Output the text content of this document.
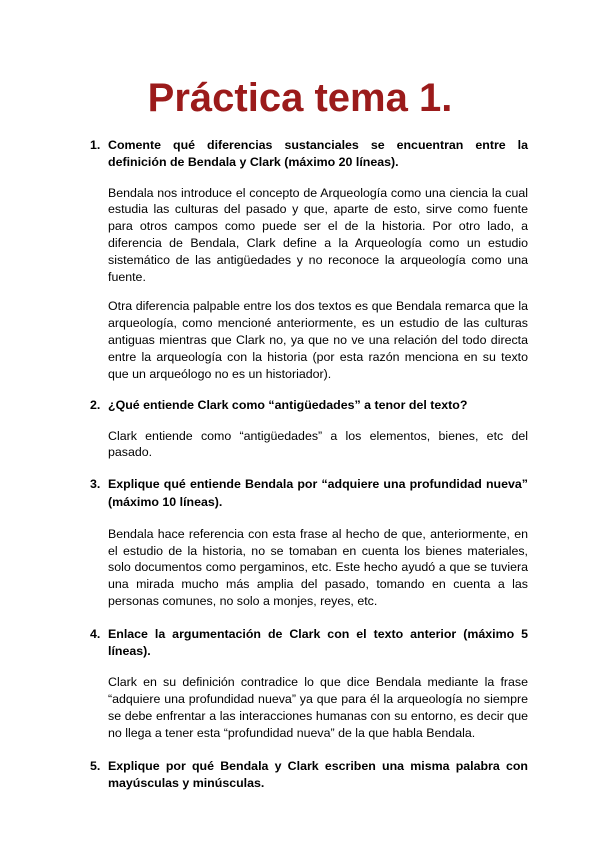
Práctica tema 1.

1. Comente qué diferencias sustanciales se encuentran entre la definición de Bendala y Clark (máximo 20 líneas).

Bendala nos introduce el concepto de Arqueología como una ciencia la cual estudia las culturas del pasado y que, aparte de esto, sirve como fuente para otros campos como puede ser el de la historia. Por otro lado, a diferencia de Bendala, Clark define a la Arqueología como un estudio sistemático de las antigüedades y no reconoce la arqueología como una fuente.

Otra diferencia palpable entre los dos textos es que Bendala remarca que la arqueología, como mencioné anteriormente, es un estudio de las culturas antiguas mientras que Clark no, ya que no ve una relación del todo directa entre la arqueología con la historia (por esta razón menciona en su texto que un arqueólogo no es un historiador).

2. ¿Qué entiende Clark como “antigüedades” a tenor del texto?

Clark entiende como “antigüedades” a los elementos, bienes, etc del pasado.

3. Explique qué entiende Bendala por “adquiere una profundidad nueva” (máximo 10 líneas).

Bendala hace referencia con esta frase al hecho de que, anteriormente, en el estudio de la historia, no se tomaban en cuenta los bienes materiales, solo documentos como pergaminos, etc. Este hecho ayudó a que se tuviera una mirada mucho más amplia del pasado, tomando en cuenta a las personas comunes, no solo a monjes, reyes, etc.

4. Enlace la argumentación de Clark con el texto anterior (máximo 5 líneas).

Clark en su definición contradice lo que dice Bendala mediante la frase “adquiere una profundidad nueva” ya que para él la arqueología no siempre se debe enfrentar a las interacciones humanas con su entorno, es decir que no llega a tener esta “profundidad nueva” de la que habla Bendala.

5. Explique por qué Bendala y Clark escriben una misma palabra con mayúsculas y minúsculas.
